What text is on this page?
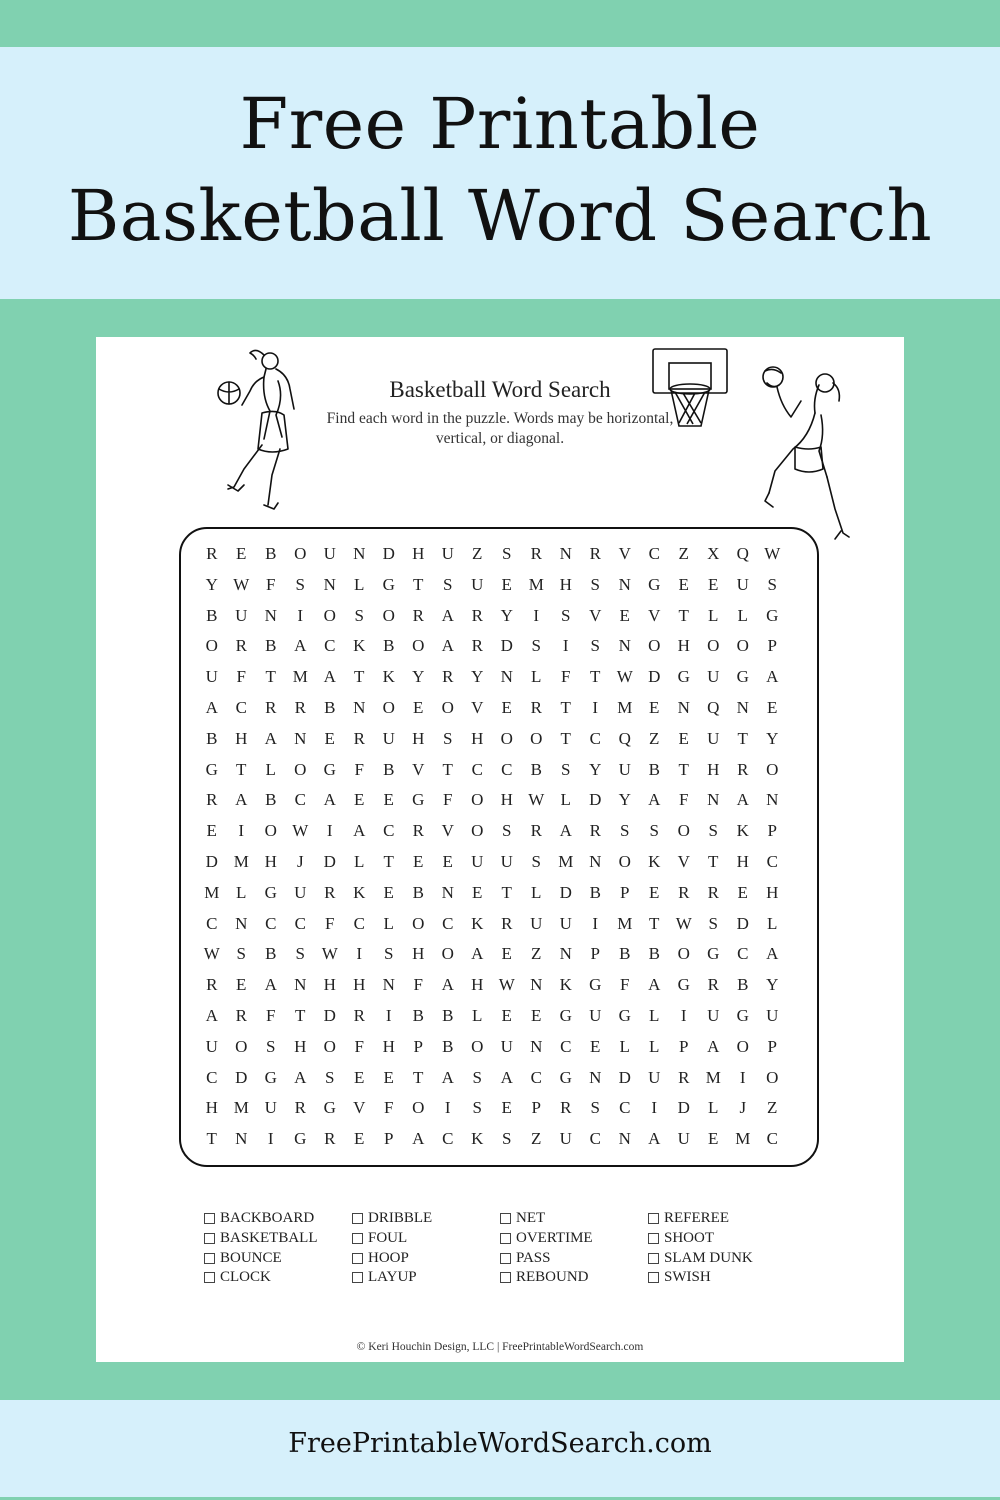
Free Printable
Basketball Word Search
Basketball Word Search
Find each word in the puzzle. Words may be horizontal, vertical, or diagonal.
R	E	B	O	U	N	D	H	U	Z	S	R	N	R	V	C	Z	X	Q W
Y W F	S	N	L	G	T	S	U	E M H	S	N	G	E	E	U	S
B	U	N	I	O	S	O	R	A	R	Y	I	S	V	E	V	T	L	L	G
O	R	B	A	C	K	B	O	A	R	D	S	I	S	N	O	H	O	O	P
U	F	T M A	T	K	Y	R	Y	N	L	F	T W D	G	U	G	A
A	C	R	R	B	N	O	E	O	V	E	R	T	I	M E	N	Q	N	E
B	H	A	N	E	R	U	H	S	H	O	O	T	C	Q	Z	E	U	T	Y
G	T	L	O	G	F	B	V	T	C	C	B	S	Y	U	B	T	H	R	O
R	A	B	C	A	E	E	G	F	O	H W L	D	Y	A	F	N	A	N
E	I	O W	I	A	C	R	V	O	S	R	A	R	S	S	O	S	K	P
D M H	J	D	L	T	E	E	U	U	S	M N	O	K	V	T	H	C
M L	G	U	R	K	E	B	N	E	T	L	D	B	P	E	R	R	E	H
C	N	C	C	F	C	L	O	C	K	R	U	U	I	M T W S	D	L
W S	B	S W	I	S	H	O	A	E	Z	N	P	B	B	O	G	C	A
R	E	A	N	H	H	N	F	A	H W N	K	G	F	A	G	R	B	Y
A	R	F	T	D	R	I	B	B	L	E	E	G	U	G	L	I	U	G	U
U	O	S	H	O	F	H	P	B	O	U	N	C	E	L	L	P	A	O	P
C	D	G	A	S	E	E	T	A	S	A	C	G	N	D	U	R M	I	O
H M U	R	G	V	F	O	I	S	E	P	R	S	C	I	D	L	J	Z
T	N	I	G	R	E	P	A	C	K	S	Z	U	C	N	A	U	E M C
BACKBOARD
BASKETBALL
BOUNCE
CLOCK
DRIBBLE
FOUL
HOOP
LAYUP
NET
OVERTIME
PASS
REBOUND
REFEREE
SHOOT
SLAM DUNK
SWISH
© Keri Houchin Design, LLC | FreePrintableWordSearch.com
FreePrintableWordSearch.com
